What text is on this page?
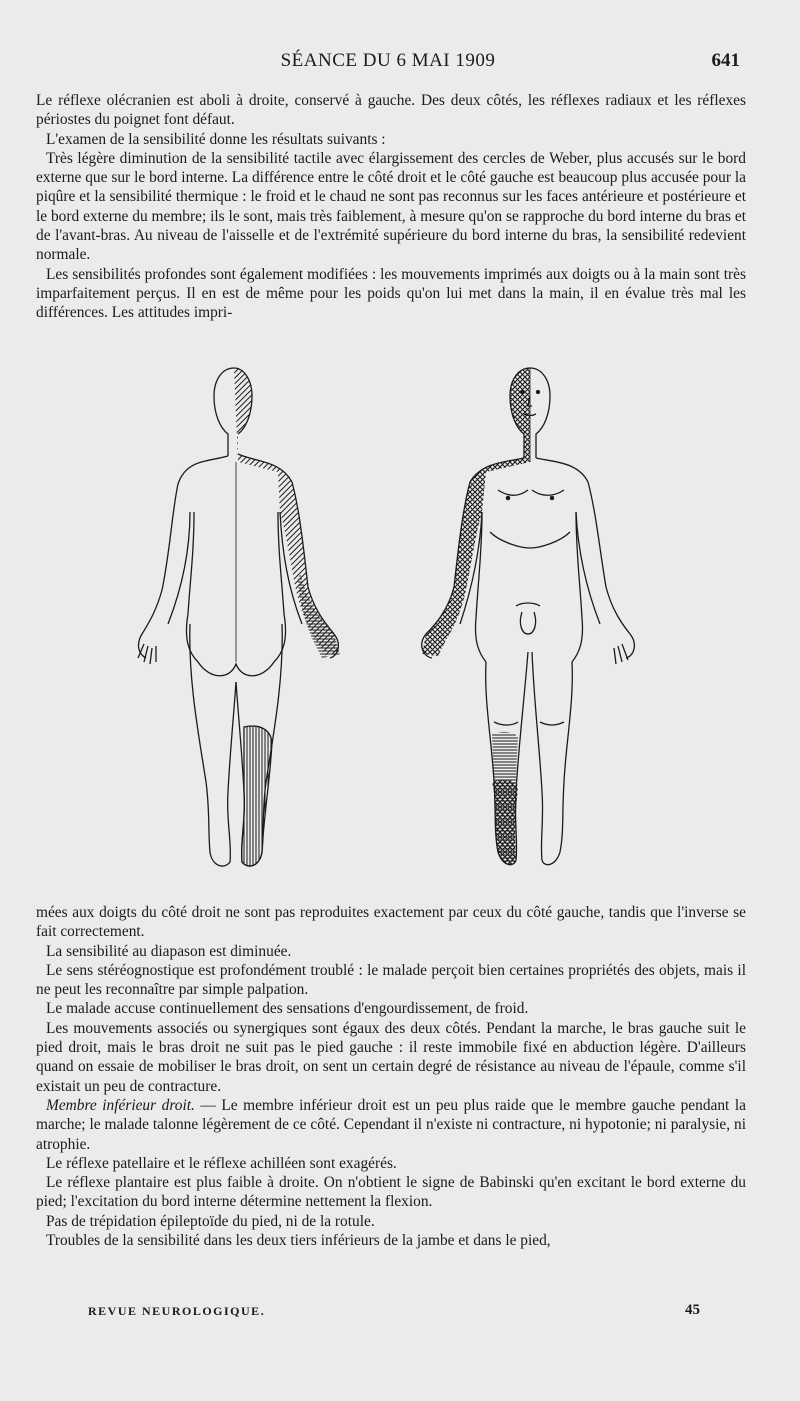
SÉANCE DU 6 MAI 1909	641

Le réflexe olécranien est aboli à droite, conservé à gauche. Des deux côtés, les réflexes radiaux et les réflexes périostes du poignet font défaut.

L'examen de la sensibilité donne les résultats suivants :

Très légère diminution de la sensibilité tactile avec élargissement des cercles de Weber, plus accusés sur le bord externe que sur le bord interne. La différence entre le côté droit et le côté gauche est beaucoup plus accusée pour la piqûre et la sensibilité thermique : le froid et le chaud ne sont pas reconnus sur les faces antérieure et postérieure et le bord externe du membre; ils le sont, mais très faiblement, à mesure qu'on se rapproche du bord interne du bras et de l'avant-bras. Au niveau de l'aisselle et de l'extrémité supérieure du bord interne du bras, la sensibilité redevient normale.

Les sensibilités profondes sont également modifiées : les mouvements imprimés aux doigts ou à la main sont très imparfaitement perçus. Il en est de même pour les poids qu'on lui met dans la main, il en évalue très mal les différences. Les attitudes impri-

mées aux doigts du côté droit ne sont pas reproduites exactement par ceux du côté gauche, tandis que l'inverse se fait correctement.

La sensibilité au diapason est diminuée.

Le sens stéréognostique est profondément troublé : le malade perçoit bien certaines propriétés des objets, mais il ne peut les reconnaître par simple palpation.

Le malade accuse continuellement des sensations d'engourdissement, de froid.

Les mouvements associés ou synergiques sont égaux des deux côtés. Pendant la marche, le bras gauche suit le pied droit, mais le bras droit ne suit pas le pied gauche : il reste immobile fixé en abduction légère. D'ailleurs quand on essaie de mobiliser le bras droit, on sent un certain degré de résistance au niveau de l'épaule, comme s'il existait un peu de contracture.

Membre inférieur droit. — Le membre inférieur droit est un peu plus raide que le membre gauche pendant la marche; le malade talonne légèrement de ce côté. Cependant il n'existe ni contracture, ni hypotonie; ni paralysie, ni atrophie.

Le réflexe patellaire et le réflexe achilléen sont exagérés.

Le réflexe plantaire est plus faible à droite. On n'obtient le signe de Babinski qu'en excitant le bord externe du pied; l'excitation du bord interne détermine nettement la flexion.

Pas de trépidation épileptoïde du pied, ni de la rotule.

Troubles de la sensibilité dans les deux tiers inférieurs de la jambe et dans le pied,

REVUE NEUROLOGIQUE.	45
